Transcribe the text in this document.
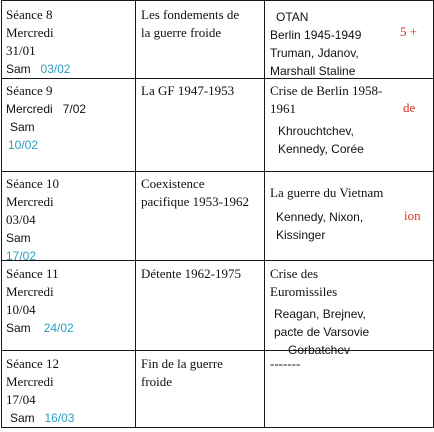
Séance 8
Mercredi
31/01
Sam 03/02
Les fondements de
la guerre froide
OTAN
Berlin 1945-1949
Truman, Jdanov,
Marshall Staline
5 +
Séance 9
Mercredi 7/02
Sam
10/02
La GF 1947-1953	Crise de Berlin 1958-
1961
Khrouchtchev,
Kennedy, Corée
de
Séance 10
Mercredi
03/04
Sam
17/02
Coexistence
pacifique 1953-1962
La guerre du Vietnam
Kennedy, Nixon,
Kissinger
ion
Séance 11
Mercredi
10/04
Sam 24/02
Détente 1962-1975 Crise des
Euromissiles
Reagan, Brejnev,
pacte de Varsovie
Gorbatchev
Séance 12
Mercredi
17/04
Sam 16/03
Fin de la guerre
froide
-------
